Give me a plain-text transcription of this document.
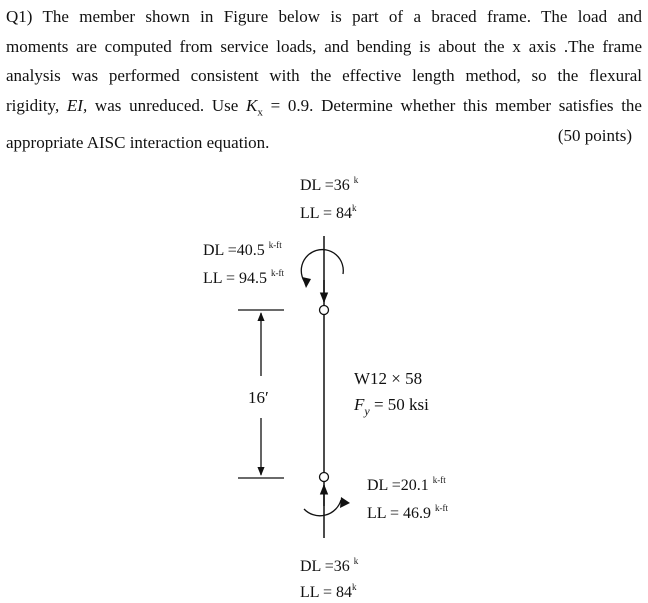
Q1) The member shown in Figure below is part of a braced frame. The load and

moments are computed from service loads, and bending is about the x axis .The frame

analysis was performed consistent with the effective length method, so the flexural

rigidity, EI, was unreduced. Use $K_x = 0.9$. Determine whether this member satisfies the

appropriate AISC interaction equation.	(50 points)
DL =36 $^k$
LL = $84^k$
DL =40.5 $^{k-ft}$
LL = 94.5 $^{k-ft}$
16′
W12 × 58
$F_y = 50$ ksi
DL =20.1 $^{k-ft}$
LL = 46.9 $^{k-ft}$
DL =36 $^k$
LL = $84^k$
